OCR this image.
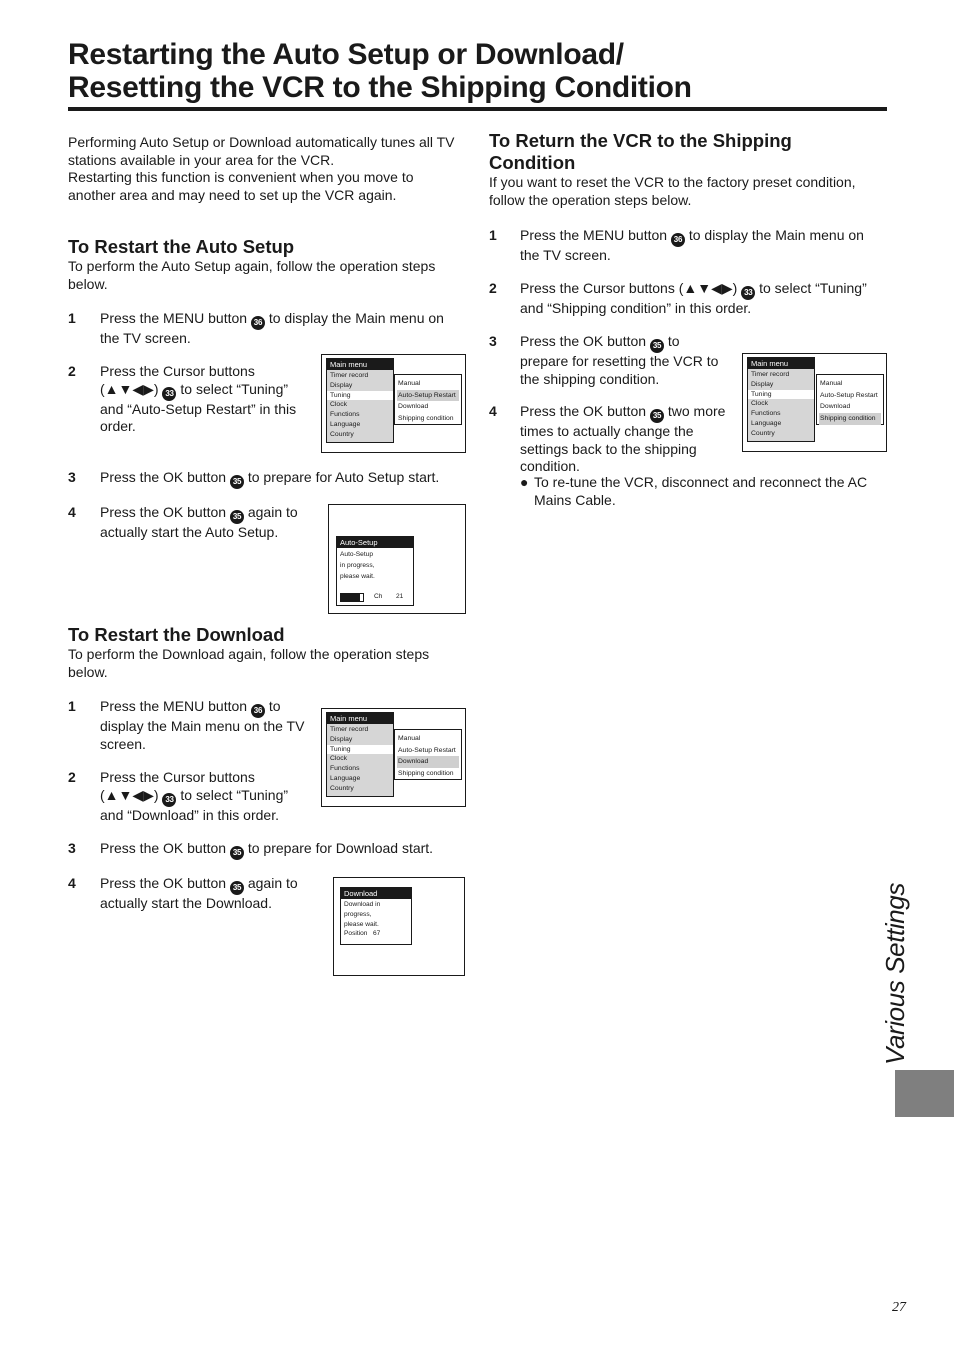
Restarting the Auto Setup or Download/
Resetting the VCR to the Shipping Condition
Performing Auto Setup or Download automatically tunes all TV stations available in your area for the VCR.
Restarting this function is convenient when you move to another area and may need to set up the VCR again.
To Restart the Auto Setup
To perform the Auto Setup again, follow the operation steps below.
1 Press the MENU button 36 to display the Main menu on the TV screen.
2 Press the Cursor buttons (▲▼◀▶) 33 to select “Tuning” and “Auto-Setup Restart” in this order.
Main menu
Timer record
Display
Tuning
Clock
Functions
Language
Country
Manual
Auto-Setup Restart
Download
Shipping condition
3 Press the OK button 35 to prepare for Auto Setup start.
4 Press the OK button 35 again to actually start the Auto Setup.
Auto-Setup
Auto-Setup
in progress,
please wait.
Ch 21
To Restart the Download
To perform the Download again, follow the operation steps below.
1 Press the MENU button 36 to display the Main menu on the TV screen.
2 Press the Cursor buttons (▲▼◀▶) 33 to select “Tuning” and “Download” in this order.
Main menu
Timer record
Display
Tuning
Clock
Functions
Language
Country
Manual
Auto-Setup Restart
Download
Shipping condition
3 Press the OK button 35 to prepare for Download start.
4 Press the OK button 35 again to actually start the Download.
Download
Download in
progress,
please wait.
Position 67
To Return the VCR to the Shipping Condition
If you want to reset the VCR to the factory preset condition, follow the operation steps below.
1 Press the MENU button 36 to display the Main menu on the TV screen.
2 Press the Cursor buttons (▲▼◀▶) 33 to select “Tuning” and “Shipping condition” in this order.
3 Press the OK button 35 to prepare for resetting the VCR to the shipping condition.
Main menu
Timer record
Display
Tuning
Clock
Functions
Language
Country
Manual
Auto-Setup Restart
Download
Shipping condition
4 Press the OK button 35 two more times to actually change the settings back to the shipping condition.
● To re-tune the VCR, disconnect and reconnect the AC Mains Cable.
Various Settings
27
